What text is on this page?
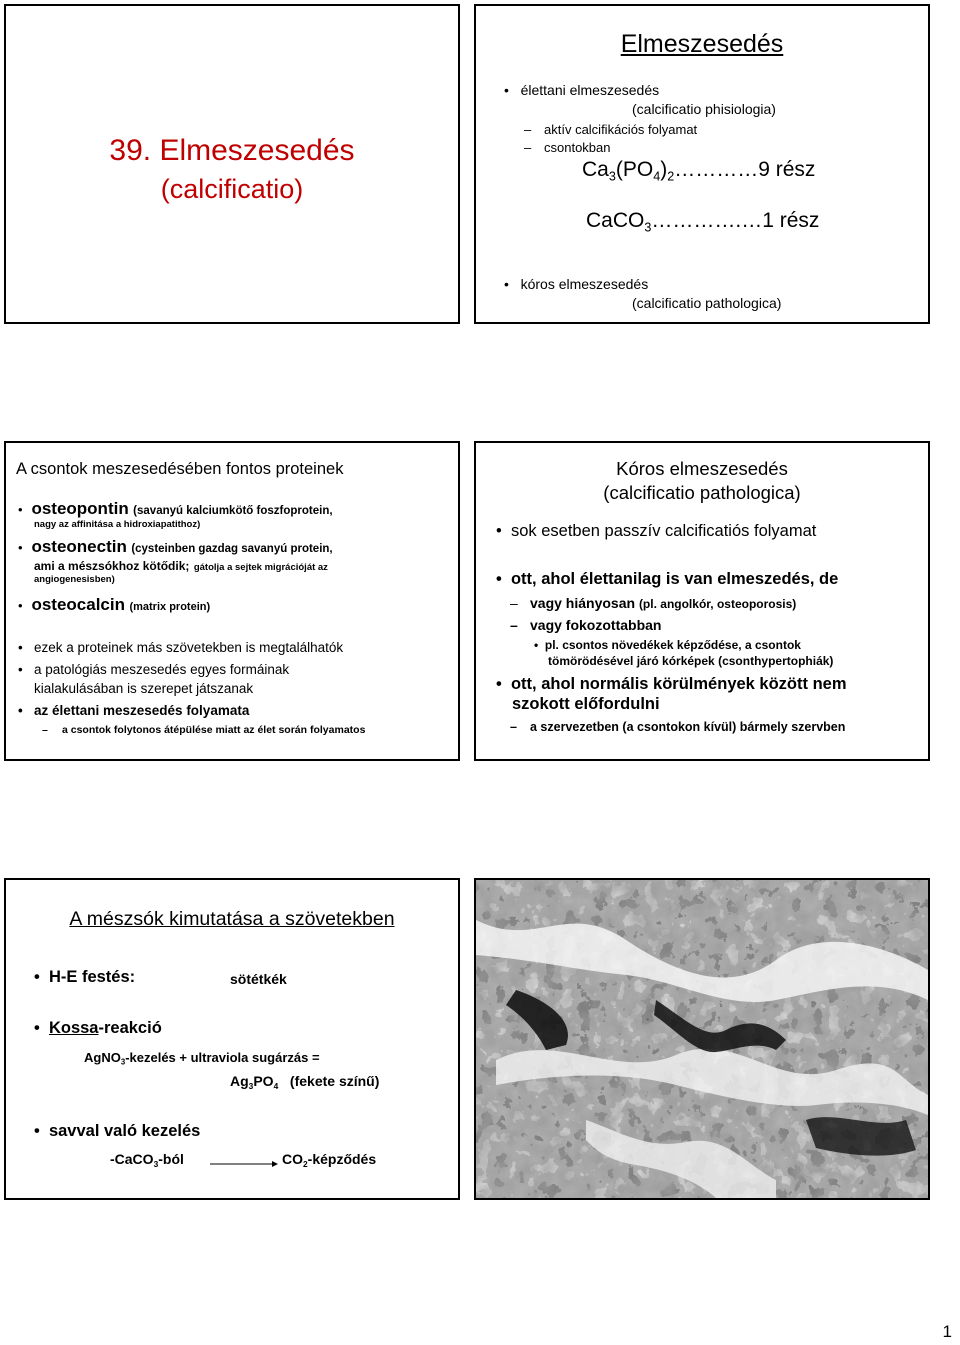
39. Elmeszesedés
(calcificatio)
Elmeszesedés
•   élettani elmeszesedés
(calcificatio phisiologia)
– aktív calcifikációs folyamat
– csontokban
$Ca_3(PO_4)_2\dots\dots\dots\dots 9$ rész
CaCO$_3$………….…1 rész
•   kóros elmeszesedés
(calcificatio pathologica)
A csontok meszesedésében fontos proteinek
• osteopontin (savanyú kalciumkötő foszfoprotein,
nagy az affinitása a hidroxiapatithoz)
• osteonectin (cysteinben gazdag savanyú protein,
ami a mészsókhoz kötődik; gátolja a sejtek migrációját az
angiogenesisben)
• osteocalcin (matrix protein)
•   ezek a proteinek más szövetekben is megtalálhatók
•   a patológiás meszesedés egyes formáinak
kialakulásában is szerepet játszanak
•   az élettani meszesedés folyamata
– a csontok folytonos átépülése miatt az élet során folyamatos
Kóros elmeszesedés
(calcificatio pathologica)
•  sok esetben passzív calcificatiós folyamat
•  ott, ahol élettanilag is van elmeszedés, de
– vagy hiányosan (pl. angolkór, osteoporosis)
– vagy fokozottabban
•  pl. csontos növedékek képződése, a csontok
tömörödésével járó kórképek (csonthypertophiák)
•  ott, ahol normális körülmények között nem
szokott előfordulni
– a szervezetben (a csontokon kívül) bármely szervben
A mészsók kimutatása a szövetekben
•  H-E festés:	sötétkék
•  Kossa-reakció
AgNO$_3$-kezelés + ultraviola sugárzás =
$Ag_3PO_4$ (fekete színű)
•  savval való kezelés
-CaCO$_3$-ból	$CO_2$-képződés
1
